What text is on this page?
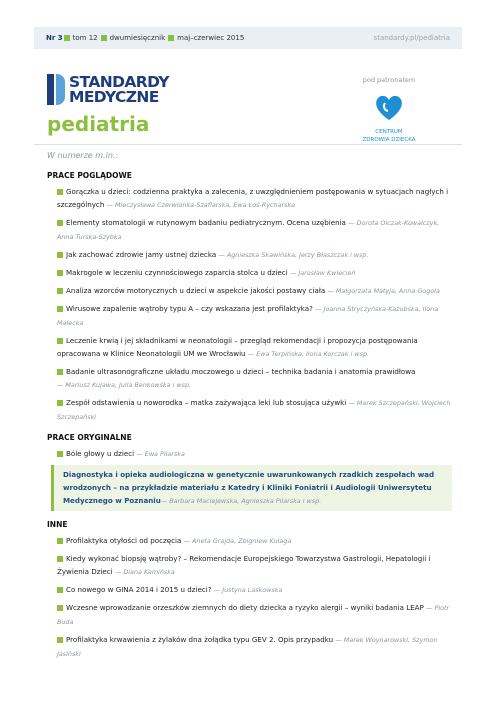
Nr 3 tom 12 dwumiesięcznik maj–czerwiec 2015	standardy.pl/pediatria
STANDARDY
MEDYCZNE
pediatria
pod patronatem
CENTRUM
ZDROWIA DZIECKA
W numerze m.in.:
PRACE POGLĄDOWE
Gorączka u dzieci: codzienna praktyka a zalecenia, z uwzględnieniem postępowania w sytuacjach nagłych i szczególnych — Mieczysława Czerwionka-Szaflarska, Ewa Łoś-Rycharska
Elementy stomatologii w rutynowym badaniu pediatrycznym. Ocena uzębienia — Dorota Olczak-Kowalczyk, Anna Turska-Szybka
Jak zachować zdrowie jamy ustnej dziecka — Agnieszka Skawińska, Jerzy Błaszczak i wsp.
Makrogole w leczeniu czynnościowego zaparcia stolca u dzieci — Jarosław Kwiecień
Analiza wzorców motorycznych u dzieci w aspekcie jakości postawy ciała — Małgorzata Matyja, Anna Gogola
Wirusowe zapalenie wątroby typu A – czy wskazana jest profilaktyka? — Joanna Stryczyńska-Kazubska, Ilona Małecka
Leczenie krwią i jej składnikami w neonatologii – przegląd rekomendacji i propozycja postępowania opracowana w Klinice Neonatologii UM we Wrocławiu — Ewa Terpińska, Ilona Korczak i wsp.
Badanie ultrasonograficzne układu moczowego u dzieci – technika badania i anatomia prawidłowa
— Mariusz Kujawa, Julia Benkowska i wsp.
Zespół odstawienia u noworodka – matka zażywająca leki lub stosująca używki — Marek Szczepański, Wojciech Szczepański
PRACE ORYGINALNE
Bóle głowy u dzieci — Ewa Pilarska
Diagnostyka i opieka audiologiczna w genetycznie uwarunkowanych rzadkich zespołach wad wrodzonych – na przykładzie materiału z Katedry i Kliniki Foniatrii i Audiologii Uniwersytetu Medycznego w Poznaniu— Barbara Maciejewska, Agnieszka Pilarska i wsp.
INNE
Profilaktyka otyłości od poczęcia — Aneta Grajda, Zbigniew Kułaga
Kiedy wykonać biopsję wątroby? – Rekomendacje Europejskiego Towarzystwa Gastrologii, Hepatologii i Żywienia Dzieci — Diana Kamińska
Co nowego w GINA 2014 i 2015 u dzieci? — Justyna Laskowska
Wczesne wprowadzanie orzeszków ziemnych do diety dziecka a ryzyko alergii – wyniki badania LEAP — Piotr Buda
Profilaktyka krwawienia z żylaków dna żołądka typu GEV 2. Opis przypadku — Marek Woynarowski, Szymon Jasiński
